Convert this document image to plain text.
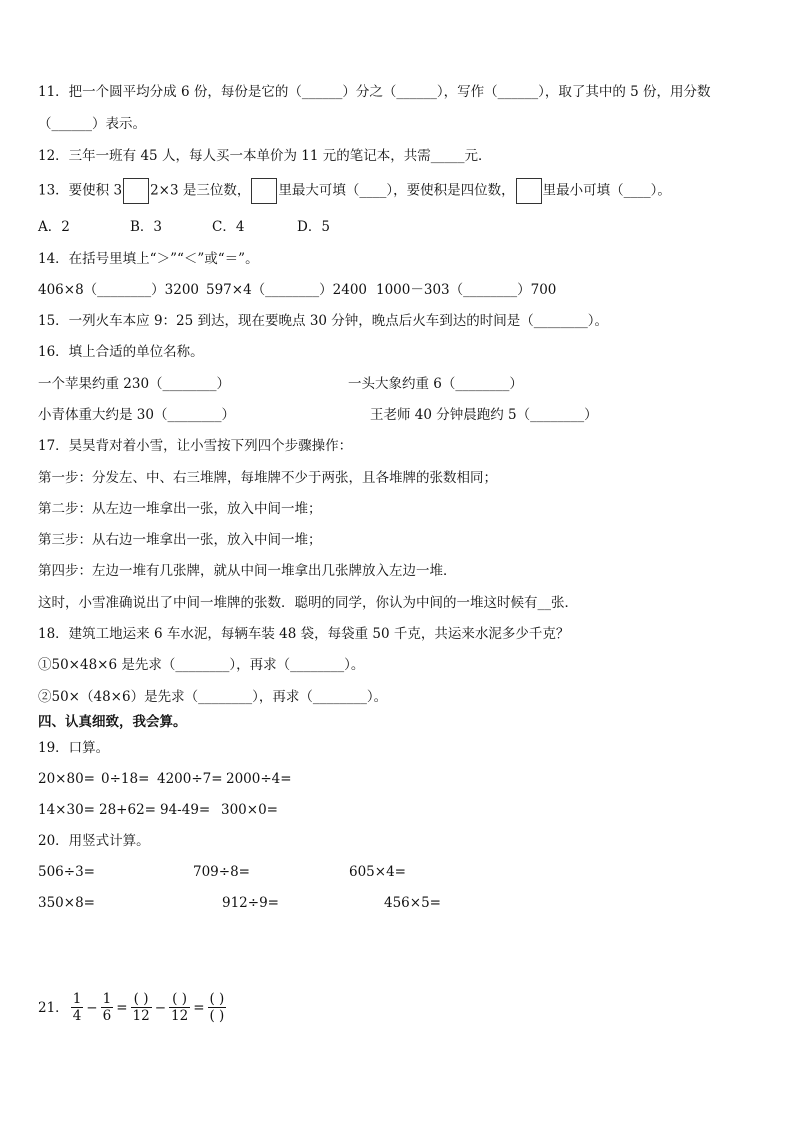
11．把一个圆平均分成 6 份，每份是它的（______）分之（______），写作（______），取了其中的 5 份，用分数
（______）表示。
12．三年一班有 45 人，每人买一本单价为 11 元的笔记本，共需_____元．
13．要使积 3 2×3 是三位数， 里最大可填（____），要使积是四位数， 里最小可填（____）。
A．2	B．3	C．4	D．5
14．在括号里填上“＞”“＜”或“＝”。
406×8（________）3200 597×4（________）2400 1000－303（________）700
15．一列火车本应 9：25 到达，现在要晚点 30 分钟，晚点后火车到达的时间是（________）。
16．填上合适的单位名称。
一个苹果约重 230（________）	一头大象约重 6（________）
小青体重大约是 30（________）	王老师 40 分钟晨跑约 5（________）
17．昊昊背对着小雪，让小雪按下列四个步骤操作：
第一步：分发左、中、右三堆牌，每堆牌不少于两张，且各堆牌的张数相同；
第二步：从左边一堆拿出一张，放入中间一堆；
第三步：从右边一堆拿出一张，放入中间一堆；
第四步：左边一堆有几张牌，就从中间一堆拿出几张牌放入左边一堆．
这时，小雪准确说出了中间一堆牌的张数．聪明的同学，你认为中间的一堆这时候有__张．
18．建筑工地运来 6 车水泥，每辆车装 48 袋，每袋重 50 千克，共运来水泥多少千克？
①50×48×6 是先求（________），再求（________）。
②50×（48×6）是先求（________），再求（________）。
四、认真细致，我会算。
19．口算。
20×80= 0÷18= 4200÷7= 2000÷4=
14×30= 28+62= 94-49= 300×0=
20．用竖式计算。
506÷3=	709÷8=	605×4=
350×8=	912÷9=	456×5=
21． $\frac{1}{4} - \frac{1}{6} = \frac{( )}{12} - \frac{( )}{12} = \frac{( )}{( )}$
